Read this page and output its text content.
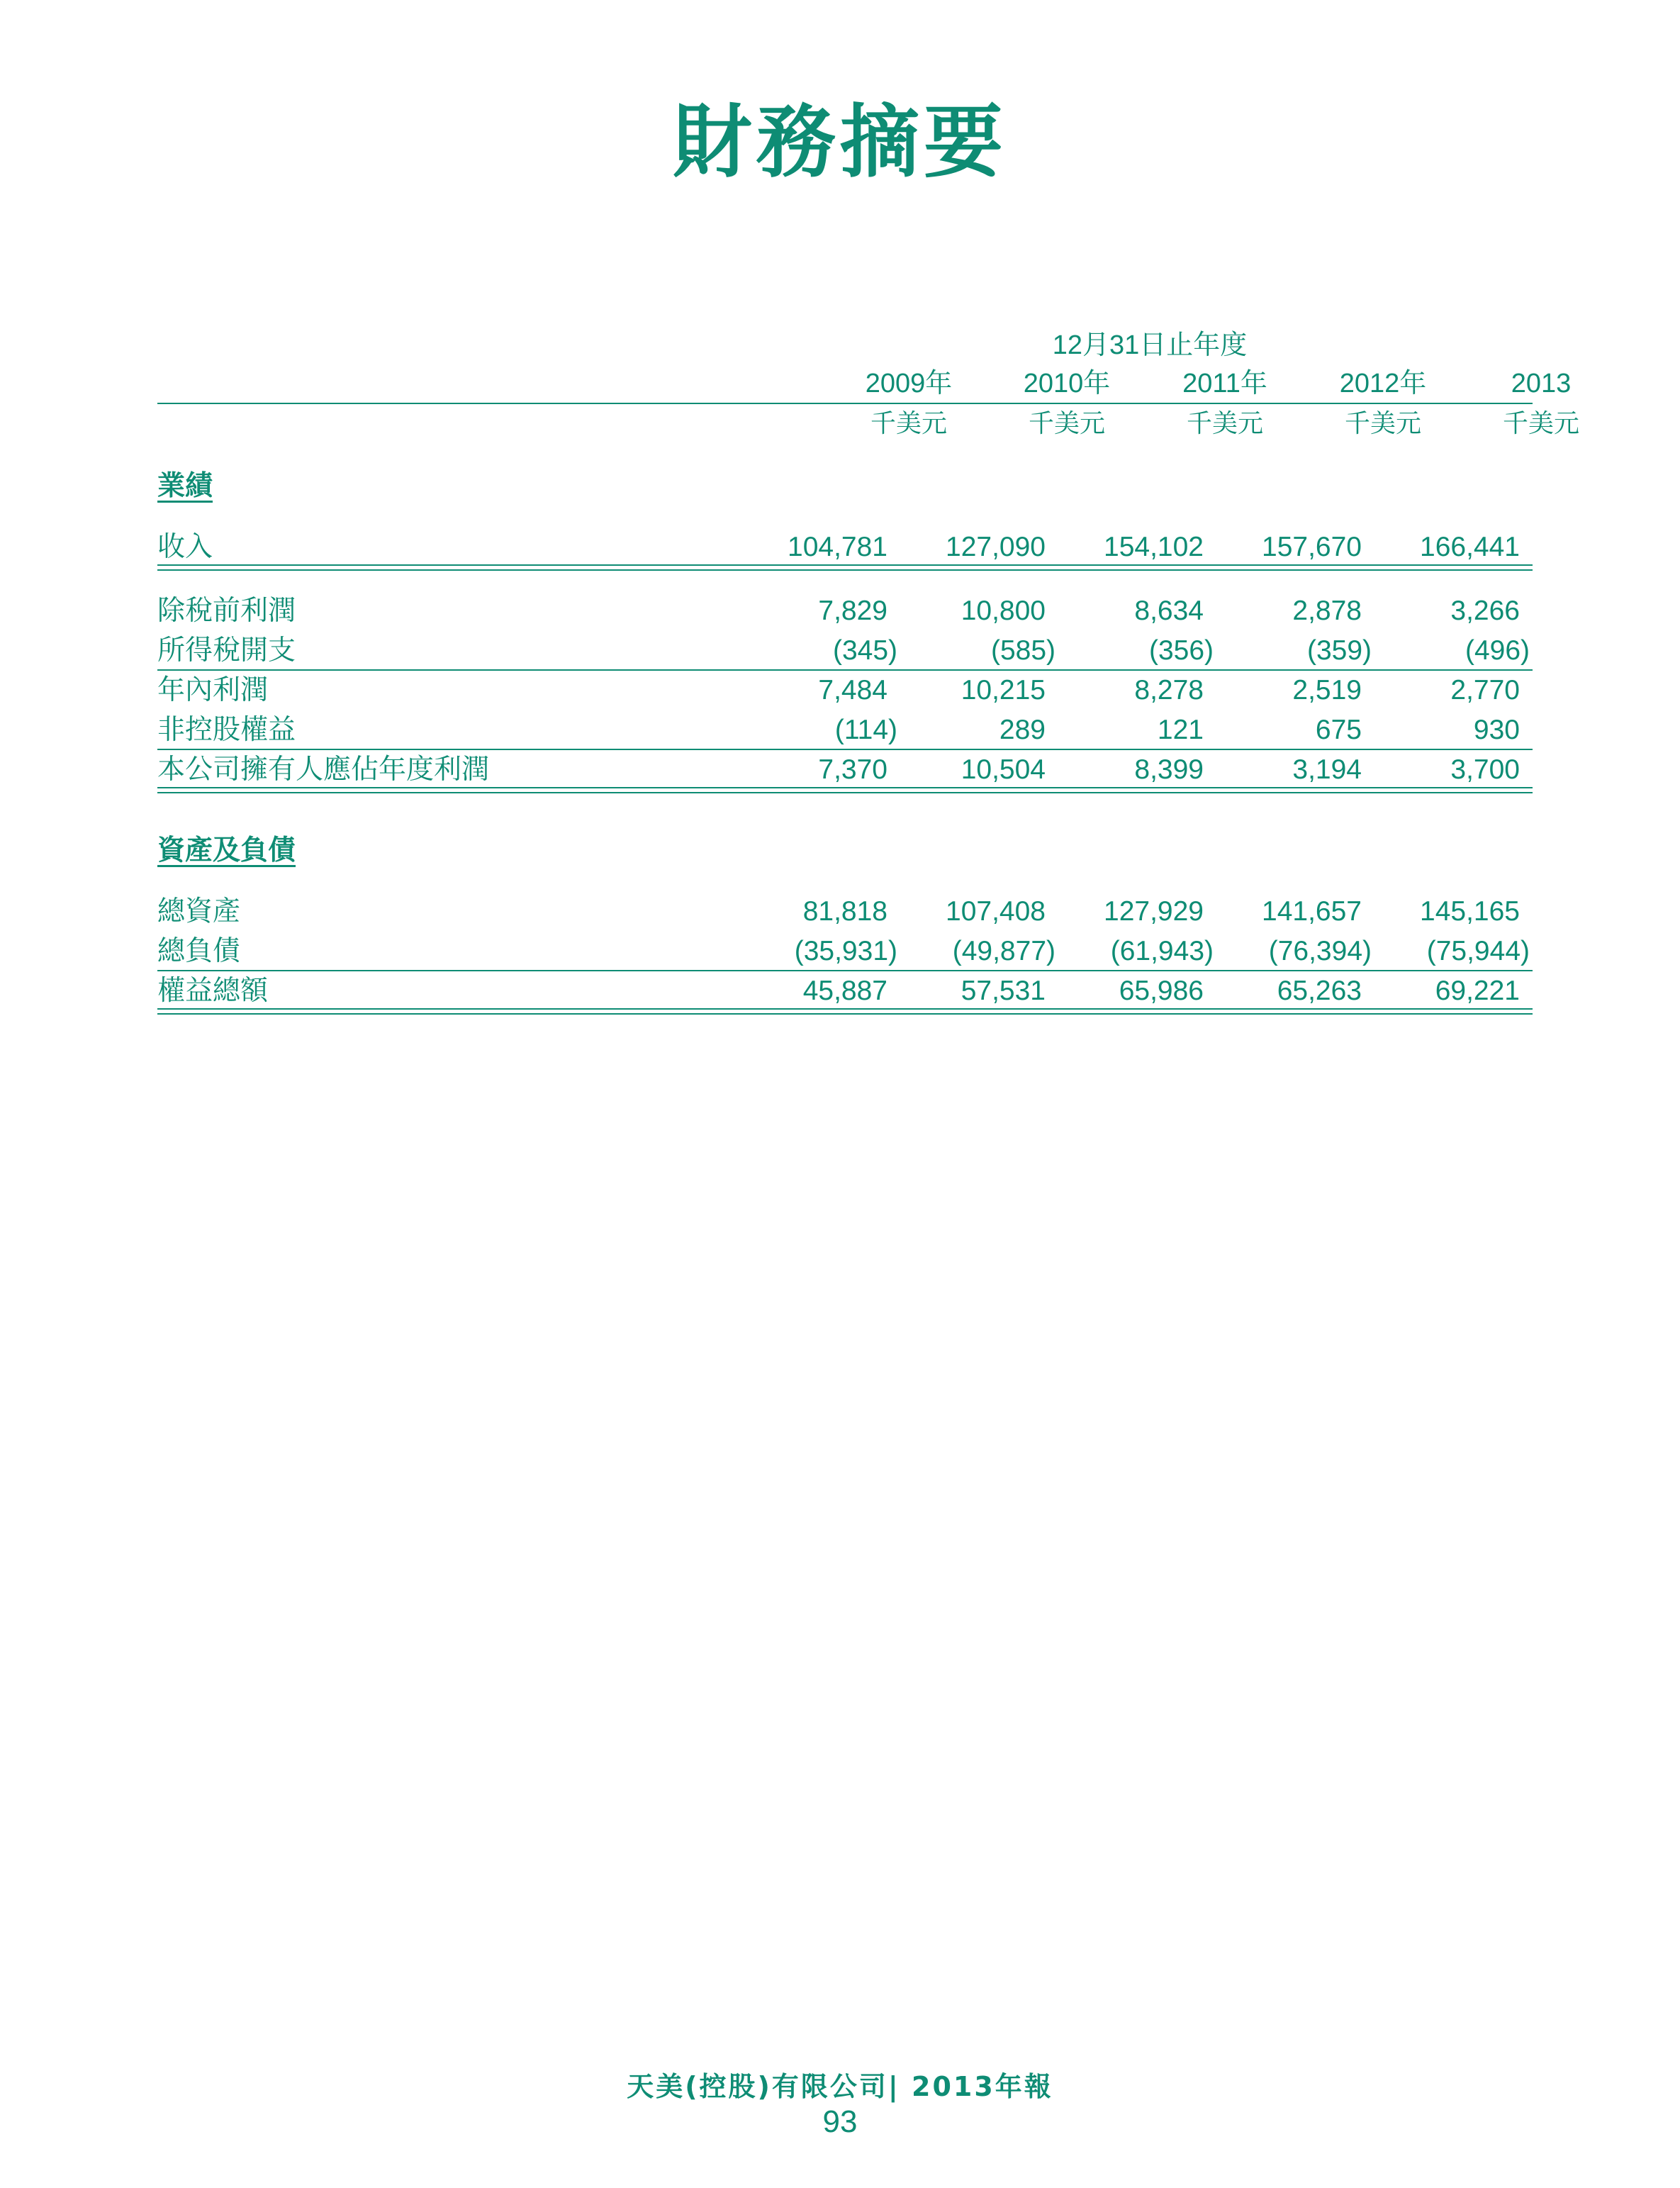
財務摘要
12月31日止年度
2009年	2010年	2011年	2012年	2013
千美元	千美元	千美元	千美元	千美元
業績
收入	104,781	127,090	154,102	157,670	166,441
除稅前利潤	7,829	10,800	8,634	2,878	3,266
所得稅開支	(345)	(585)	(356)	(359)	(496)
年內利潤	7,484	10,215	8,278	2,519	2,770
非控股權益	(114)	289	121	675	930
本公司擁有人應佔年度利潤	7,370	10,504	8,399	3,194	3,700
資產及負債
總資產	81,818	107,408	127,929	141,657	145,165
總負債	(35,931)	(49,877)	(61,943)	(76,394)	(75,944)
權益總額	45,887	57,531	65,986	65,263	69,221
天美(控股)有限公司| 2013年報
93
